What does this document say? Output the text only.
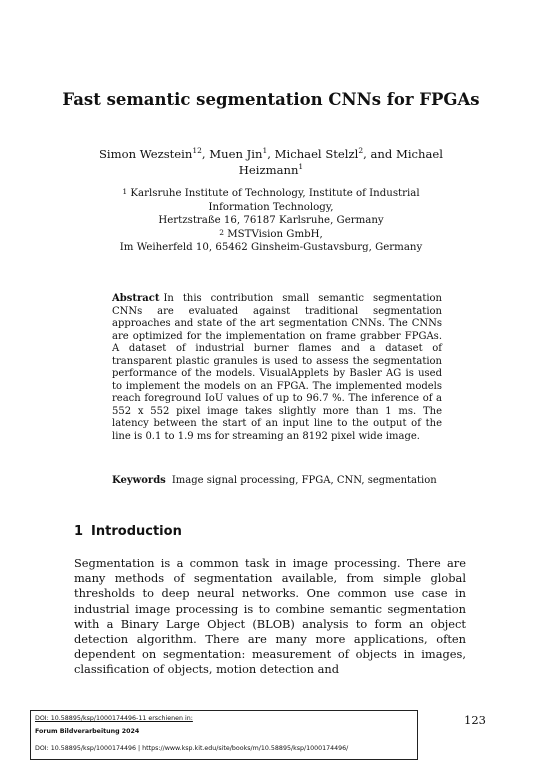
Fast semantic segmentation CNNs for FPGAs
Simon Wezstein$^{12}$, Muen Jin$^1$, Michael Stelzl$^2$, and Michael Heizmann$^1$
$^1$ Karlsruhe Institute of Technology, Institute of Industrial Information Technology,
Hertzstraße 16, 76187 Karlsruhe, Germany
$^2$ MSTVision GmbH,
Im Weiherfeld 10, 65462 Ginsheim-Gustavsburg, Germany
Abstract In this contribution small semantic segmentation CNNs are evaluated against traditional segmentation approaches and state of the art segmentation CNNs. The CNNs are optimized for the implementation on frame grabber FPGAs. A dataset of industrial burner flames and a dataset of transparent plastic granules is used to assess the segmentation performance of the models. VisualApplets by Basler AG is used to implement the models on an FPGA. The implemented models reach foreground IoU values of up to 96.7 %. The inference of a 552 x 552 pixel image takes slightly more than 1 ms. The latency between the start of an input line to the output of the line is 0.1 to 1.9 ms for streaming an 8192 pixel wide image.
Keywords Image signal processing, FPGA, CNN, segmentation
1 Introduction
Segmentation is a common task in image processing. There are many methods of segmentation available, from simple global thresholds to deep neural networks. One common use case in industrial image processing is to combine semantic segmentation with a Binary Large Object (BLOB) analysis to form an object detection algorithm. There are many more applications, often dependent on segmentation: measurement of objects in images, classification of objects, motion detection and
DOI: 10.58895/ksp/1000174496-11 erschienen in:
Forum Bildverarbeitung 2024
DOI: 10.58895/ksp/1000174496 | https://www.ksp.kit.edu/site/books/m/10.58895/ksp/1000174496/
123
